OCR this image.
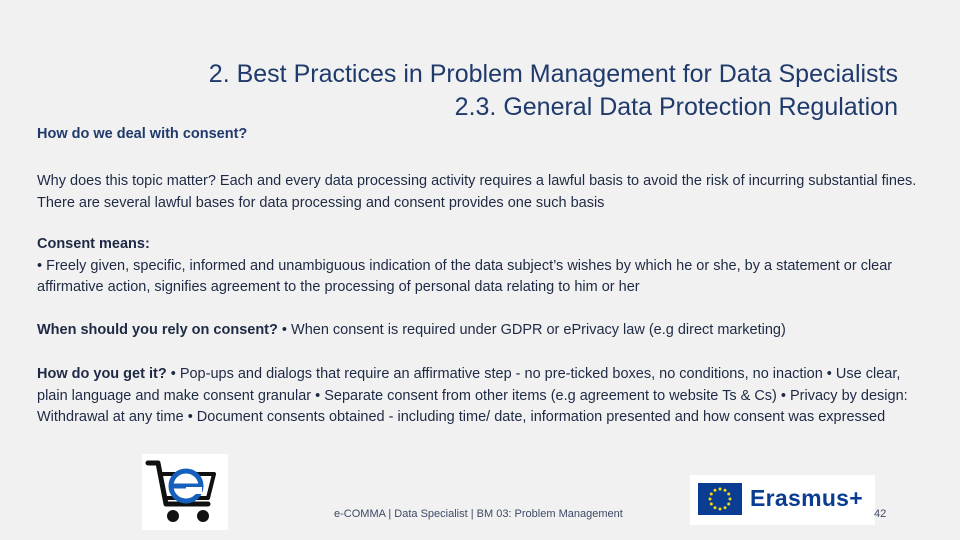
2. Best Practices in Problem Management for Data Specialists
2.3. General Data Protection Regulation
How do we deal with consent?
Why does this topic matter? Each and every data processing activity requires a lawful basis to avoid the risk of incurring substantial fines. There are several lawful bases for data processing and consent provides one such basis
Consent means:
• Freely given, specific, informed and unambiguous indication of the data subject’s wishes by which he or she, by a statement or clear affirmative action, signifies agreement to the processing of personal data relating to him or her
When should you rely on consent? • When consent is required under GDPR or ePrivacy law (e.g direct marketing)
How do you get it? • Pop-ups and dialogs that require an affirmative step - no pre-ticked boxes, no conditions, no inaction • Use clear, plain language and make consent granular • Separate consent from other items (e.g agreement to website Ts & Cs) • Privacy by design: Withdrawal at any time • Document consents obtained - including time/ date, information presented and how consent was expressed
e-COMMA | Data Specialist | BM 03: Problem Management
Erasmus+
42
